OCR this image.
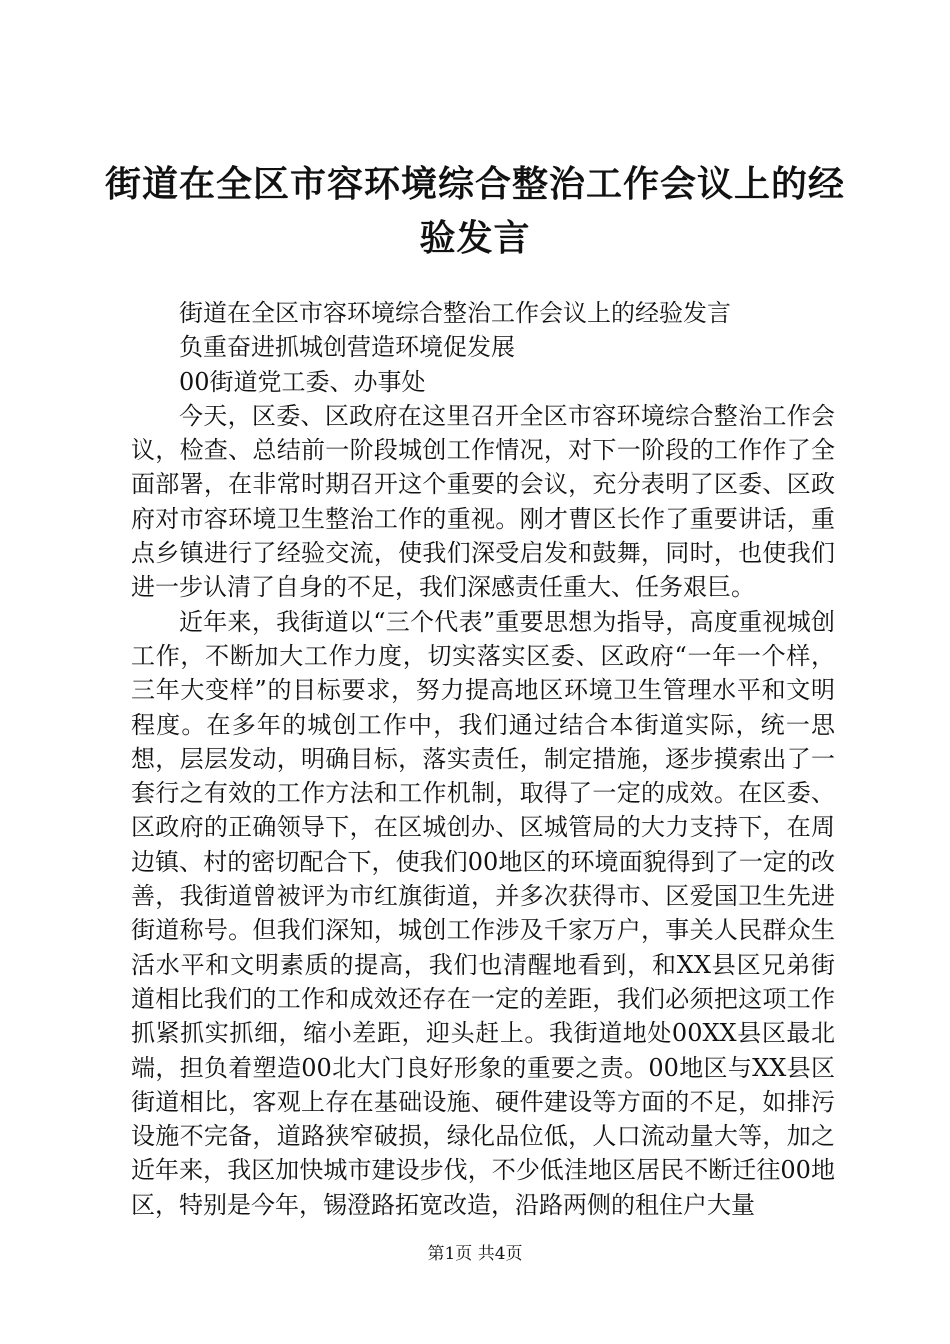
街道在全区市容环境综合整治工作会议上的经
验发言

街道在全区市容环境综合整治工作会议上的经验发言

负重奋进抓城创营造环境促发展

00街道党工委、办事处

今天，区委、区政府在这里召开全区市容环境综合整治工作会议，检查、总结前一阶段城创工作情况，对下一阶段的工作作了全面部署，在非常时期召开这个重要的会议，充分表明了区委、区政府对市容环境卫生整治工作的重视。刚才曹区长作了重要讲话，重点乡镇进行了经验交流，使我们深受启发和鼓舞，同时，也使我们进一步认清了自身的不足，我们深感责任重大、任务艰巨。

近年来，我街道以“三个代表”重要思想为指导，高度重视城创工作，不断加大工作力度，切实落实区委、区政府“一年一个样，三年大变样”的目标要求，努力提高地区环境卫生管理水平和文明程度。在多年的城创工作中，我们通过结合本街道实际，统一思想，层层发动，明确目标，落实责任，制定措施，逐步摸索出了一套行之有效的工作方法和工作机制，取得了一定的成效。在区委、区政府的正确领导下，在区城创办、区城管局的大力支持下，在周边镇、村的密切配合下，使我们00地区的环境面貌得到了一定的改善，我街道曾被评为市红旗街道，并多次获得市、区爱国卫生先进街道称号。但我们深知，城创工作涉及千家万户，事关人民群众生活水平和文明素质的提高，我们也清醒地看到，和XX县区兄弟街道相比我们的工作和成效还存在一定的差距，我们必须把这项工作抓紧抓实抓细，缩小差距，迎头赶上。我街道地处00XX县区最北端，担负着塑造00北大门良好形象的重要之责。00地区与XX县区街道相比，客观上存在基础设施、硬件建设等方面的不足，如排污设施不完备，道路狭窄破损，绿化品位低，人口流动量大等，加之近年来，我区加快城市建设步伐，不少低洼地区居民不断迁往00地区，特别是今年，锡澄路拓宽改造，沿路两侧的租住户大量

第1页 共4页
